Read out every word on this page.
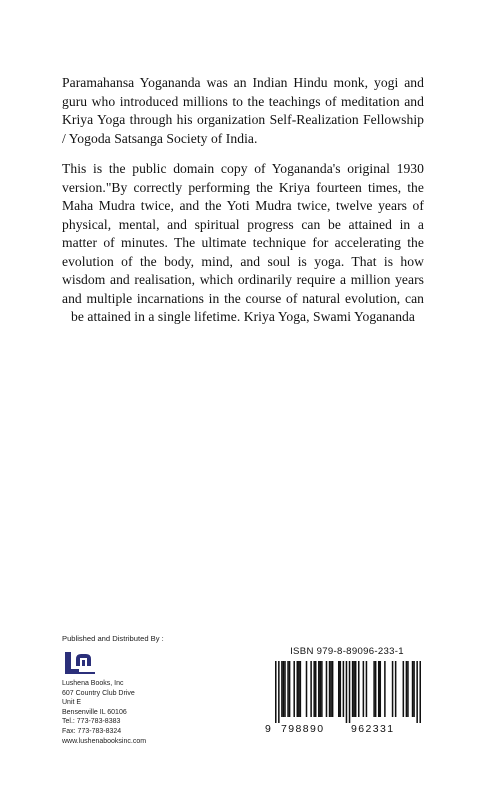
Paramahansa Yogananda was an Indian Hindu monk, yogi and guru who introduced millions to the teachings of meditation and Kriya Yoga through his organization Self-Realization Fellowship / Yogoda Satsanga Society of India.

This is the public domain copy of Yogananda's original 1930 version."By correctly performing the Kriya fourteen times, the Maha Mudra twice, and the Yoti Mudra twice, twelve years of physical, mental, and spiritual progress can be attained in a matter of minutes. The ultimate technique for accelerating the evolution of the body, mind, and soul is yoga. That is how wisdom and realisation, which ordinarily require a million years and multiple incarnations in the course of natural evolution, can be attained in a single lifetime. Kriya Yoga, Swami Yogananda

Published and Distributed By :
Lushena Books, Inc
607 Country Club Drive
Unit E
Bensenville IL 60106
Tel.: 773-783-8383
Fax: 773-783-8324
www.lushenabooksinc.com
ISBN 979-8-89096-233-1
9 798890	962331
